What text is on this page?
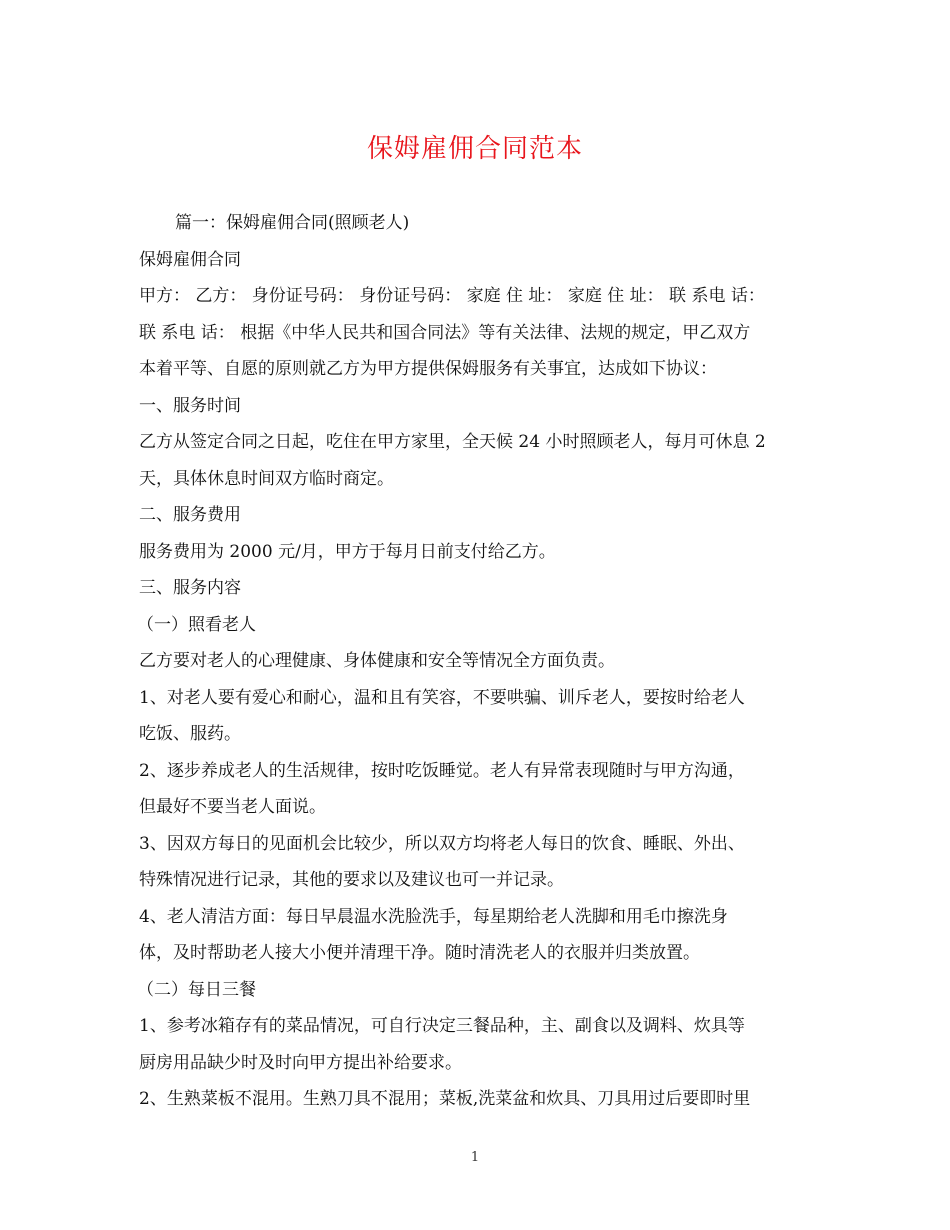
保姆雇佣合同范本

篇一：保姆雇佣合同(照顾老人)

保姆雇佣合同

甲方： 乙方： 身份证号码： 身份证号码： 家庭 住 址： 家庭 住 址： 联 系电 话：

联 系电 话： 根据《中华人民共和国合同法》等有关法律、法规的规定，甲乙双方

本着平等、自愿的原则就乙方为甲方提供保姆服务有关事宜，达成如下协议：

一、服务时间

乙方从签定合同之日起，吃住在甲方家里，全天候 24 小时照顾老人，每月可休息 2

天，具体休息时间双方临时商定。

二、服务费用

服务费用为 2000 元/月，甲方于每月日前支付给乙方。

三、服务内容

（一）照看老人

乙方要对老人的心理健康、身体健康和安全等情况全方面负责。

1、对老人要有爱心和耐心，温和且有笑容，不要哄骗、训斥老人，要按时给老人

吃饭、服药。

2、逐步养成老人的生活规律，按时吃饭睡觉。老人有异常表现随时与甲方沟通，

但最好不要当老人面说。

3、因双方每日的见面机会比较少，所以双方均将老人每日的饮食、睡眠、外出、

特殊情况进行记录，其他的要求以及建议也可一并记录。

4、老人清洁方面：每日早晨温水洗脸洗手，每星期给老人洗脚和用毛巾擦洗身

体，及时帮助老人接大小便并清理干净。随时清洗老人的衣服并归类放置。

（二）每日三餐

1、参考冰箱存有的菜品情况，可自行决定三餐品种，主、副食以及调料、炊具等

厨房用品缺少时及时向甲方提出补给要求。

2、生熟菜板不混用。生熟刀具不混用；菜板,洗菜盆和炊具、刀具用过后要即时里

1
